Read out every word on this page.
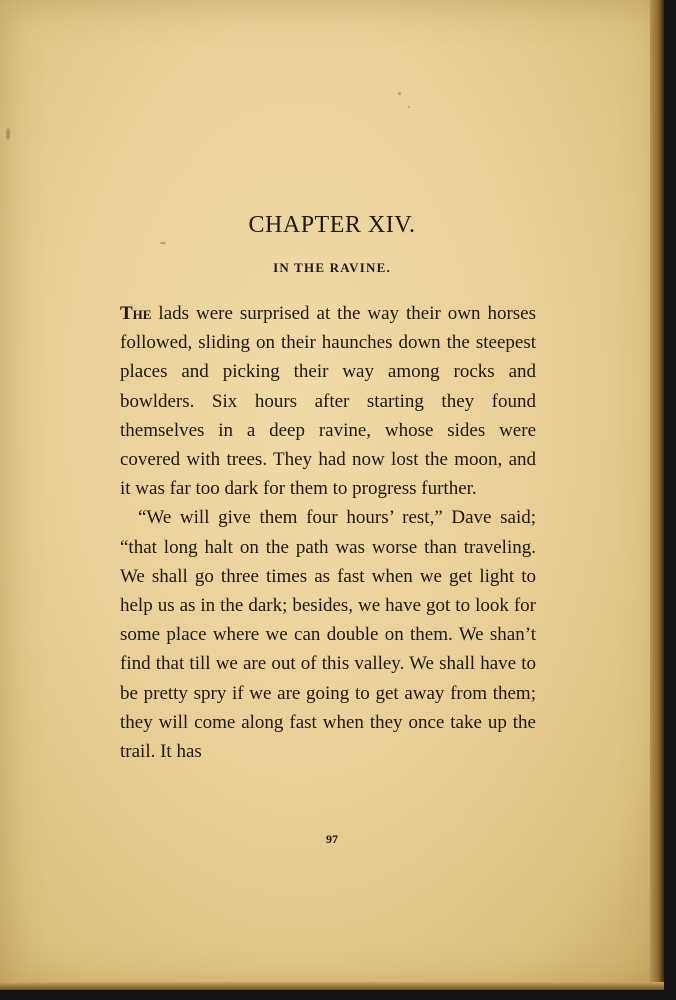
CHAPTER XIV.
IN THE RAVINE.

The lads were surprised at the way their own horses followed, sliding on their haunches down the steepest places and picking their way among rocks and bowlders. Six hours after starting they found themselves in a deep ravine, whose sides were covered with trees. They had now lost the moon, and it was far too dark for them to progress further.

“We will give them four hours’ rest,” Dave said; “that long halt on the path was worse than traveling. We shall go three times as fast when we get light to help us as in the dark; besides, we have got to look for some place where we can double on them. We shan’t find that till we are out of this valley. We shall have to be pretty spry if we are going to get away from them; they will come along fast when they once take up the trail. It has

97
